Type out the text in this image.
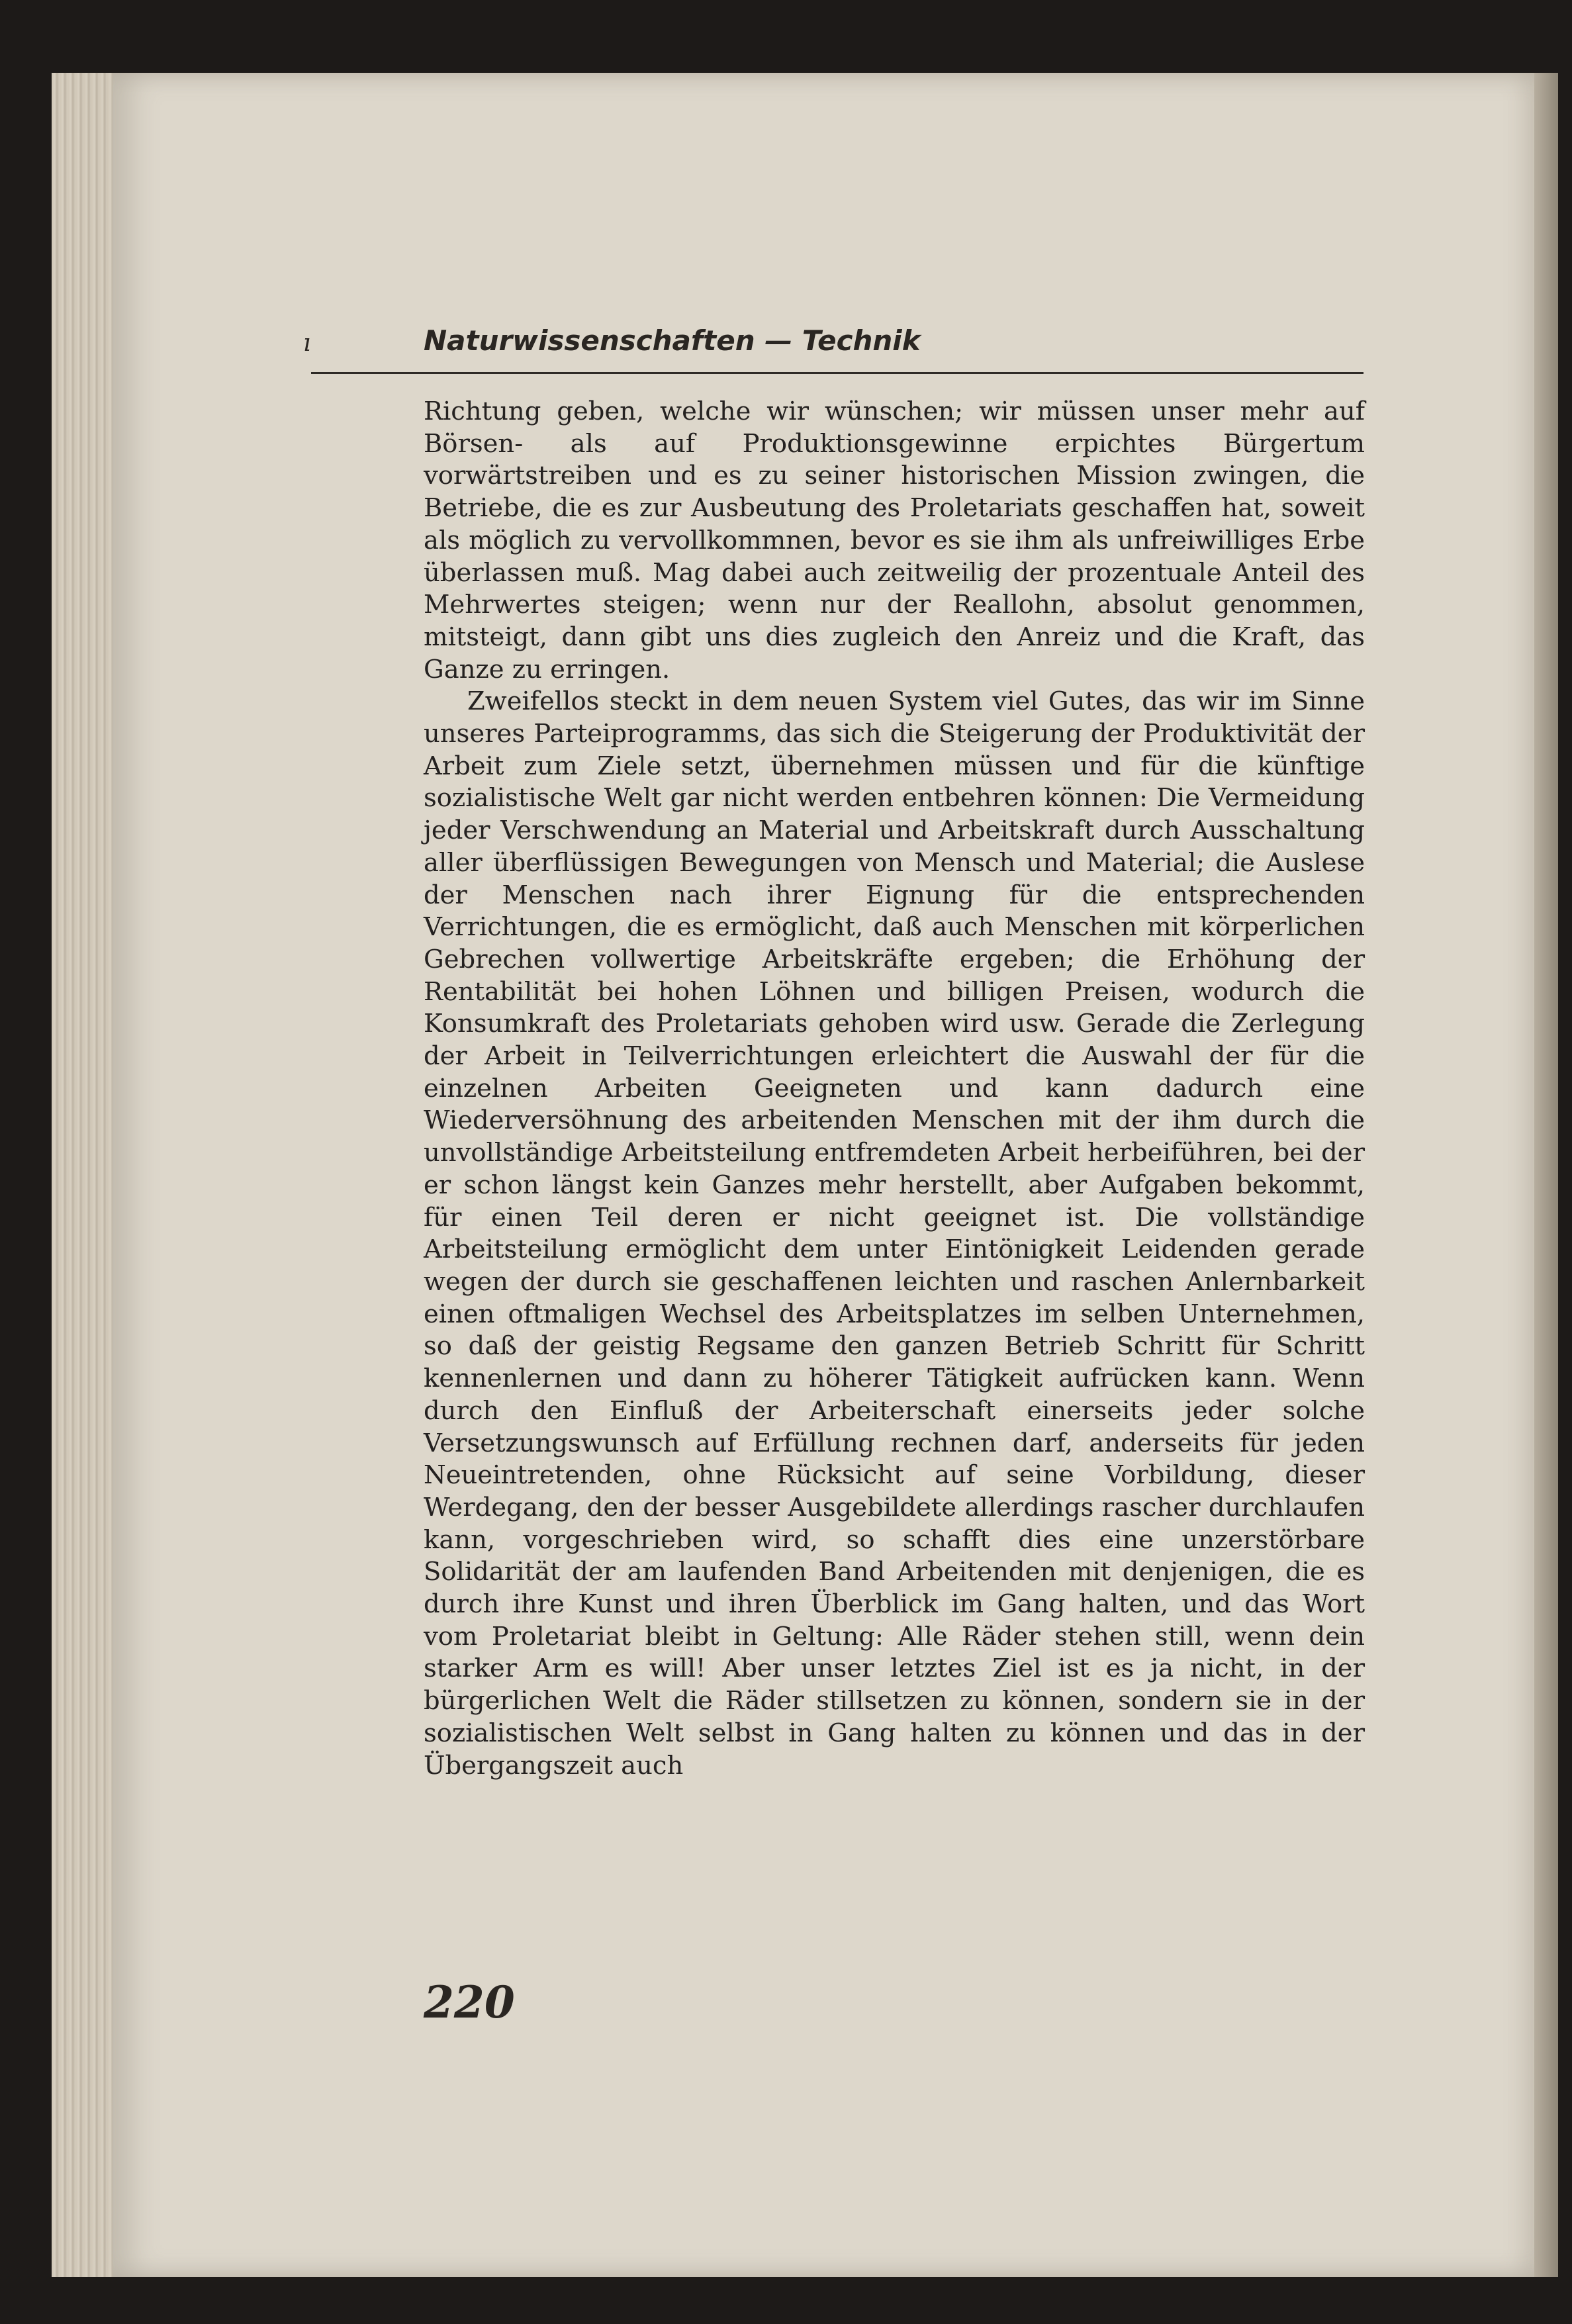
ı	Naturwissenschaften — Technik

Richtung geben, welche wir wünschen; wir müssen unser mehr auf Börsen- als auf Produktionsgewinne erpichtes Bürgertum vorwärtstreiben und es zu seiner historischen Mission zwingen, die Betriebe, die es zur Ausbeutung des Proletariats geschaffen hat, soweit als möglich zu vervollkommnen, bevor es sie ihm als unfreiwilliges Erbe überlassen muß. Mag dabei auch zeitweilig der prozentuale Anteil des Mehrwertes steigen; wenn nur der Reallohn, absolut genommen, mitsteigt, dann gibt uns dies zugleich den Anreiz und die Kraft, das Ganze zu erringen.

Zweifellos steckt in dem neuen System viel Gutes, das wir im Sinne unseres Parteiprogramms, das sich die Steigerung der Produktivität der Arbeit zum Ziele setzt, übernehmen müssen und für die künftige sozialistische Welt gar nicht werden entbehren können: Die Vermeidung jeder Verschwendung an Material und Arbeitskraft durch Ausschaltung aller überflüssigen Bewegungen von Mensch und Material; die Auslese der Menschen nach ihrer Eignung für die entsprechenden Verrichtungen, die es ermöglicht, daß auch Menschen mit körperlichen Gebrechen vollwertige Arbeitskräfte ergeben; die Erhöhung der Rentabilität bei hohen Löhnen und billigen Preisen, wodurch die Konsumkraft des Proletariats gehoben wird usw. Gerade die Zerlegung der Arbeit in Teilverrichtungen erleichtert die Auswahl der für die einzelnen Arbeiten Geeigneten und kann dadurch eine Wiederversöhnung des arbeitenden Menschen mit der ihm durch die unvollständige Arbeitsteilung entfremdeten Arbeit herbeiführen, bei der er schon längst kein Ganzes mehr herstellt, aber Aufgaben bekommt, für einen Teil deren er nicht geeignet ist. Die vollständige Arbeitsteilung ermöglicht dem unter Eintönigkeit Leidenden gerade wegen der durch sie geschaffenen leichten und raschen Anlernbarkeit einen oftmaligen Wechsel des Arbeitsplatzes im selben Unternehmen, so daß der geistig Regsame den ganzen Betrieb Schritt für Schritt kennenlernen und dann zu höherer Tätigkeit aufrücken kann. Wenn durch den Einfluß der Arbeiterschaft einerseits jeder solche Versetzungswunsch auf Erfüllung rechnen darf, anderseits für jeden Neueintretenden, ohne Rücksicht auf seine Vorbildung, dieser Werdegang, den der besser Ausgebildete allerdings rascher durchlaufen kann, vorgeschrieben wird, so schafft dies eine unzerstörbare Solidarität der am laufenden Band Arbeitenden mit denjenigen, die es durch ihre Kunst und ihren Überblick im Gang halten, und das Wort vom Proletariat bleibt in Geltung: Alle Räder stehen still, wenn dein starker Arm es will! Aber unser letztes Ziel ist es ja nicht, in der bürgerlichen Welt die Räder stillsetzen zu können, sondern sie in der sozialistischen Welt selbst in Gang halten zu können und das in der Übergangszeit auch

220
